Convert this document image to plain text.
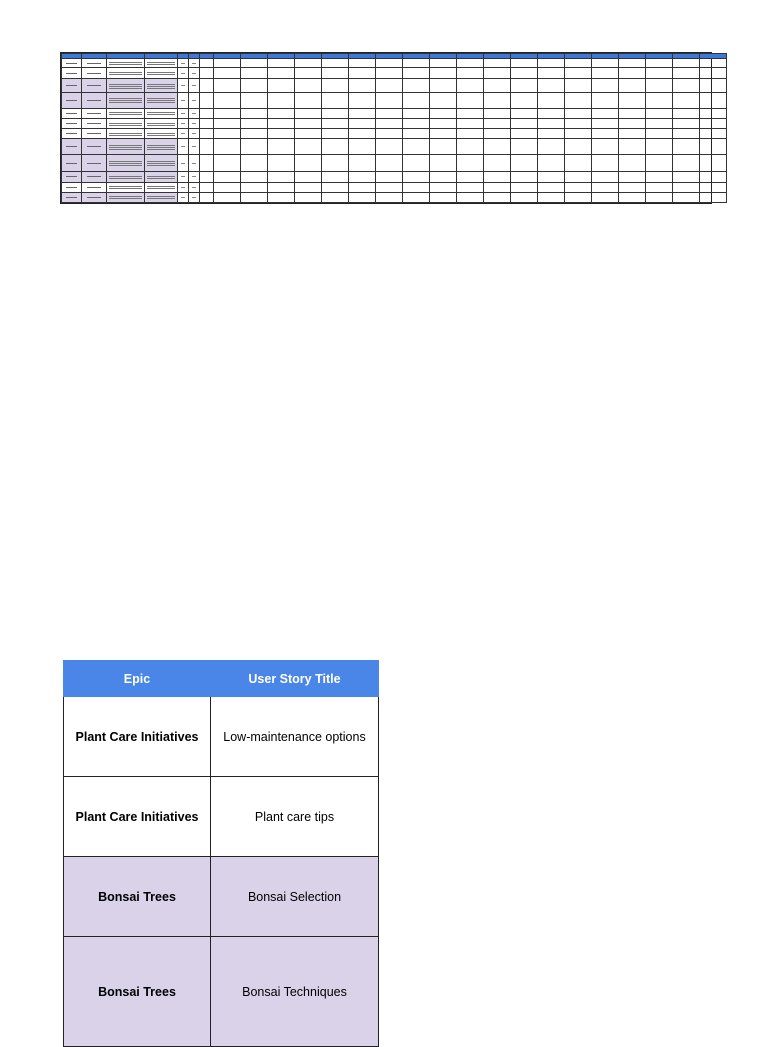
Epic	User Story Title
Plant Care Initiatives	Low-maintenance options
Plant Care Initiatives	Plant care tips
Bonsai Trees	Bonsai Selection
Bonsai Trees	Bonsai Techniques
